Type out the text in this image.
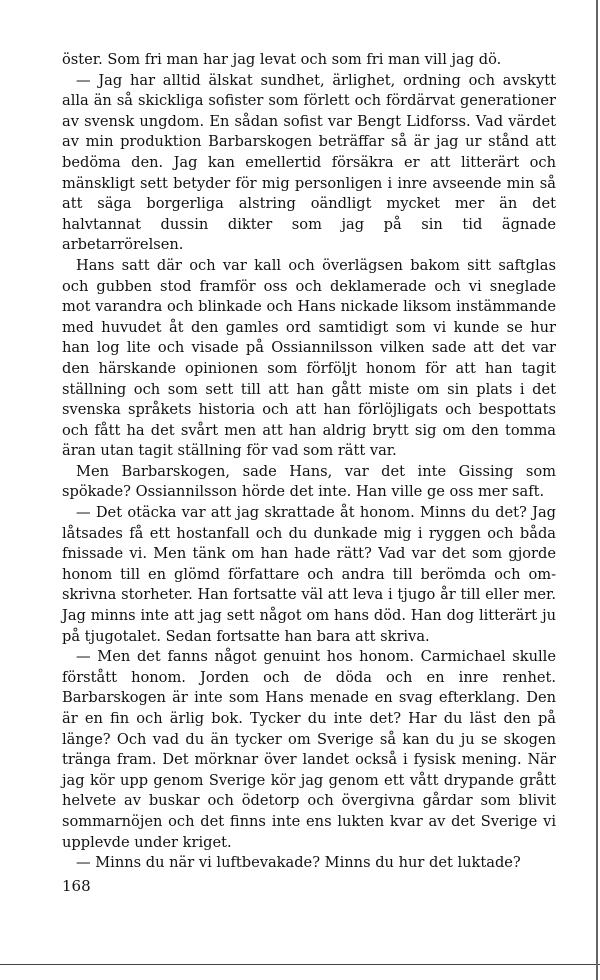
öster. Som fri man har jag levat och som fri man vill jag dö.

— Jag har alltid älskat sundhet, ärlighet, ordning och avskytt alla än så skickliga sofister som förlett och fördärvat generationer av svensk ungdom. En sådan sofist var Bengt Lidforss. Vad värdet av min produktion Barbarskogen beträffar så är jag ur stånd att bedöma den. Jag kan emellertid försäkra er att litterärt och mänskligt sett betyder för mig personligen i inre avseende min så att säga borgerliga alstring oändligt mycket mer än det halvtannat dussin dikter som jag på sin tid ägnade arbetarrörelsen.

Hans satt där och var kall och överlägsen bakom sitt saftglas och gubben stod framför oss och deklamerade och vi sneglade mot varandra och blinkade och Hans nickade liksom instämmande med huvudet åt den gamles ord samtidigt som vi kunde se hur han log lite och visade på Ossiannilsson vilken sade att det var den härskande opinionen som förföljt honom för att han tagit ställning och som sett till att han gått miste om sin plats i det svenska språkets historia och att han förlöjligats och bespottats och fått ha det svårt men att han aldrig brytt sig om den tomma äran utan tagit ställning för vad som rätt var.

Men Barbarskogen, sade Hans, var det inte Gissing som spökade? Ossiannilsson hörde det inte. Han ville ge oss mer saft.

— Det otäcka var att jag skrattade åt honom. Minns du det? Jag låtsades få ett hostanfall och du dunkade mig i ryggen och båda fnissade vi. Men tänk om han hade rätt? Vad var det som gjorde honom till en glömd författare och andra till berömda och omskrivna storheter. Han fortsatte väl att leva i tjugo år till eller mer. Jag minns inte att jag sett något om hans död. Han dog litterärt ju på tjugotalet. Sedan fortsatte han bara att skriva.

— Men det fanns något genuint hos honom. Carmichael skulle förstått honom. Jorden och de döda och en inre renhet. Barbarskogen är inte som Hans menade en svag efterklang. Den är en fin och ärlig bok. Tycker du inte det? Har du läst den på länge? Och vad du än tycker om Sverige så kan du ju se skogen tränga fram. Det mörknar över landet också i fysisk mening. När jag kör upp genom Sverige kör jag genom ett vått drypande grått helvete av buskar och ödetorp och övergivna gårdar som blivit sommarnöjen och det finns inte ens lukten kvar av det Sverige vi upplevde under kriget.

— Minns du när vi luftbevakade? Minns du hur det luktade?

168
